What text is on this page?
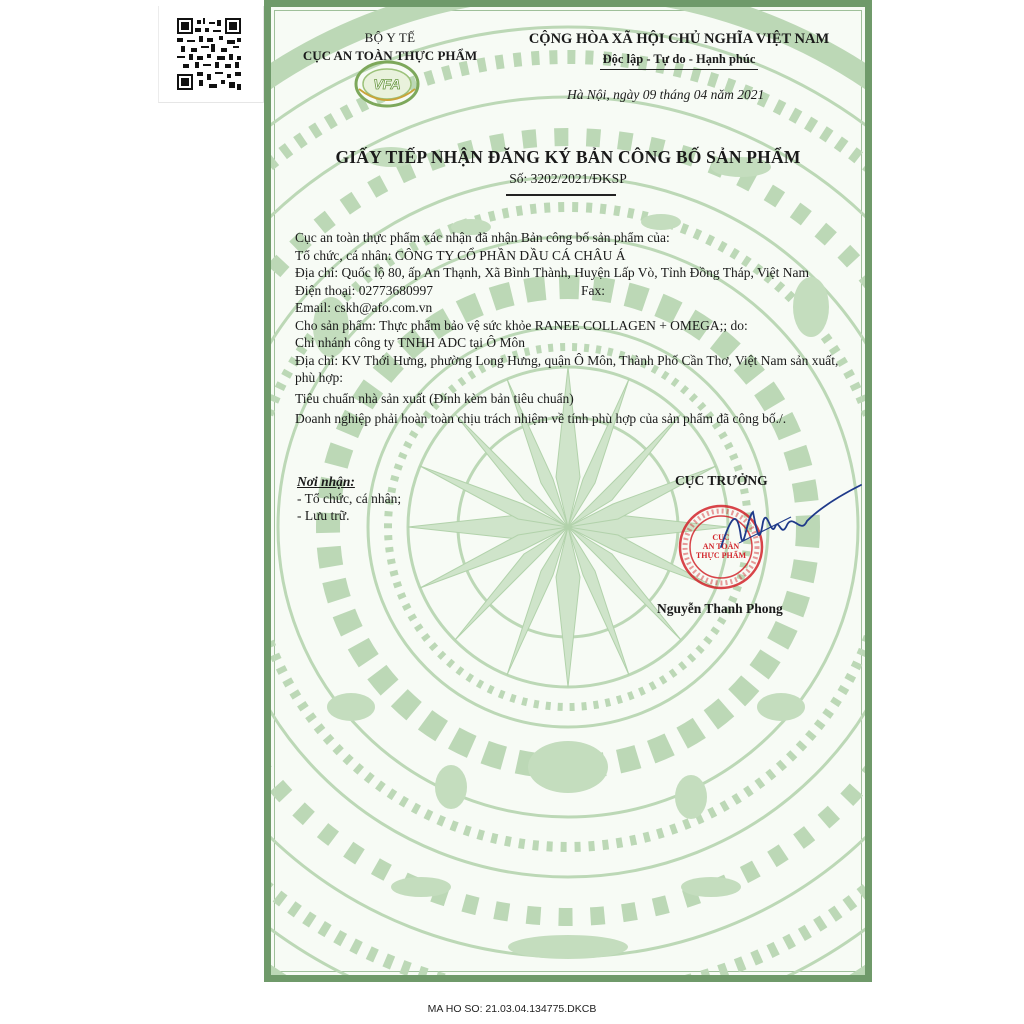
BỘ Y TẾ
CỤC AN TOÀN THỰC PHẨM
VFA
CỘNG HÒA XÃ HỘI CHỦ NGHĨA VIỆT NAM
Độc lập - Tự do - Hạnh phúc
Hà Nội, ngày 09 tháng 04 năm 2021
GIẤY TIẾP NHẬN ĐĂNG KÝ BẢN CÔNG BỐ SẢN PHẨM
Số: 3202/2021/ĐKSP

Cục an toàn thực phẩm xác nhận đã nhận Bản công bố sản phẩm của:

Tổ chức, cá nhân: CÔNG TY CỔ PHẦN DẦU CÁ CHÂU Á

Địa chỉ: Quốc lộ 80, ấp An Thạnh, Xã Bình Thành, Huyện Lấp Vò, Tỉnh Đồng Tháp, Việt Nam

Điện thoại: 02773680997	Fax:

Email: cskh@afo.com.vn

Cho sản phẩm: Thực phẩm bảo vệ sức khỏe RANEE COLLAGEN + OMEGA;; do:

Chi nhánh công ty TNHH ADC tại Ô Môn

Địa chỉ: KV Thới Hưng, phường Long Hưng, quận Ô Môn, Thành Phố Cần Thơ, Việt Nam sản xuất, phù hợp:

Tiêu chuẩn nhà sản xuất (Đính kèm bản tiêu chuẩn)

Doanh nghiệp phải hoàn toàn chịu trách nhiệm về tính phù hợp của sản phẩm đã công bố./.

Nơi nhận:
- Tổ chức, cá nhân;
- Lưu trữ.
CỤC TRƯỞNG
CỤC
AN TOÀN
THỰC PHẨM
Nguyễn Thanh Phong
MA HO SO: 21.03.04.134775.DKCB
